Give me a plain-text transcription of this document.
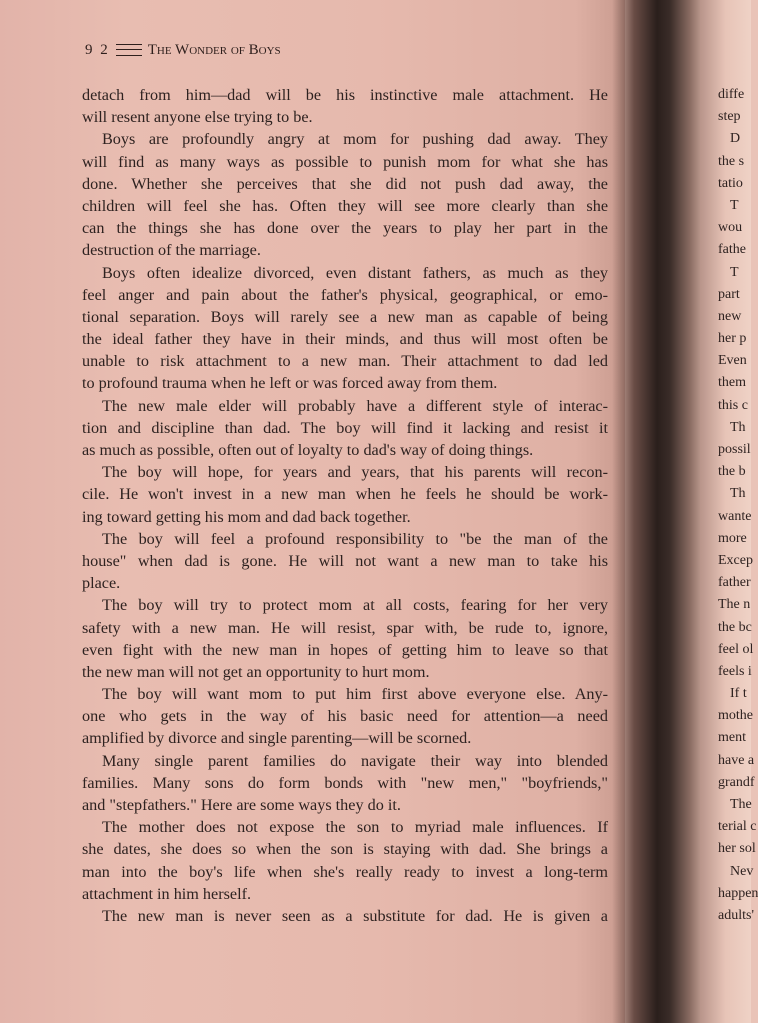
9 2	The Wonder of Boys
detach from him—dad will be his instinctive male attachment. He
will resent anyone else trying to be.
Boys are profoundly angry at mom for pushing dad away. They
will find as many ways as possible to punish mom for what she has
done. Whether she perceives that she did not push dad away, the
children will feel she has. Often they will see more clearly than she
can the things she has done over the years to play her part in the
destruction of the marriage.
Boys often idealize divorced, even distant fathers, as much as they
feel anger and pain about the father's physical, geographical, or emo-
tional separation. Boys will rarely see a new man as capable of being
the ideal father they have in their minds, and thus will most often be
unable to risk attachment to a new man. Their attachment to dad led
to profound trauma when he left or was forced away from them.
The new male elder will probably have a different style of interac-
tion and discipline than dad. The boy will find it lacking and resist it
as much as possible, often out of loyalty to dad's way of doing things.
The boy will hope, for years and years, that his parents will recon-
cile. He won't invest in a new man when he feels he should be work-
ing toward getting his mom and dad back together.
The boy will feel a profound responsibility to "be the man of the
house" when dad is gone. He will not want a new man to take his
place.
The boy will try to protect mom at all costs, fearing for her very
safety with a new man. He will resist, spar with, be rude to, ignore,
even fight with the new man in hopes of getting him to leave so that
the new man will not get an opportunity to hurt mom.
The boy will want mom to put him first above everyone else. Any-
one who gets in the way of his basic need for attention—a need
amplified by divorce and single parenting—will be scorned.
Many single parent families do navigate their way into blended
families. Many sons do form bonds with "new men," "boyfriends,"
and "stepfathers." Here are some ways they do it.
The mother does not expose the son to myriad male influences. If
she dates, she does so when the son is staying with dad. She brings a
man into the boy's life when she's really ready to invest a long-term
attachment in him herself.
The new man is never seen as a substitute for dad. He is given a
diffe
step
D
the s
tatio
T
wou
fathe
T
part
new
her p
Even
them
this c
Th
possil
the b
Th
wante
more
Excep
father
The n
the bc
feel ol
feels i
If t
mothe
ment
have a
grandf
The
terial c
her sol
Nev
happen
adults'
